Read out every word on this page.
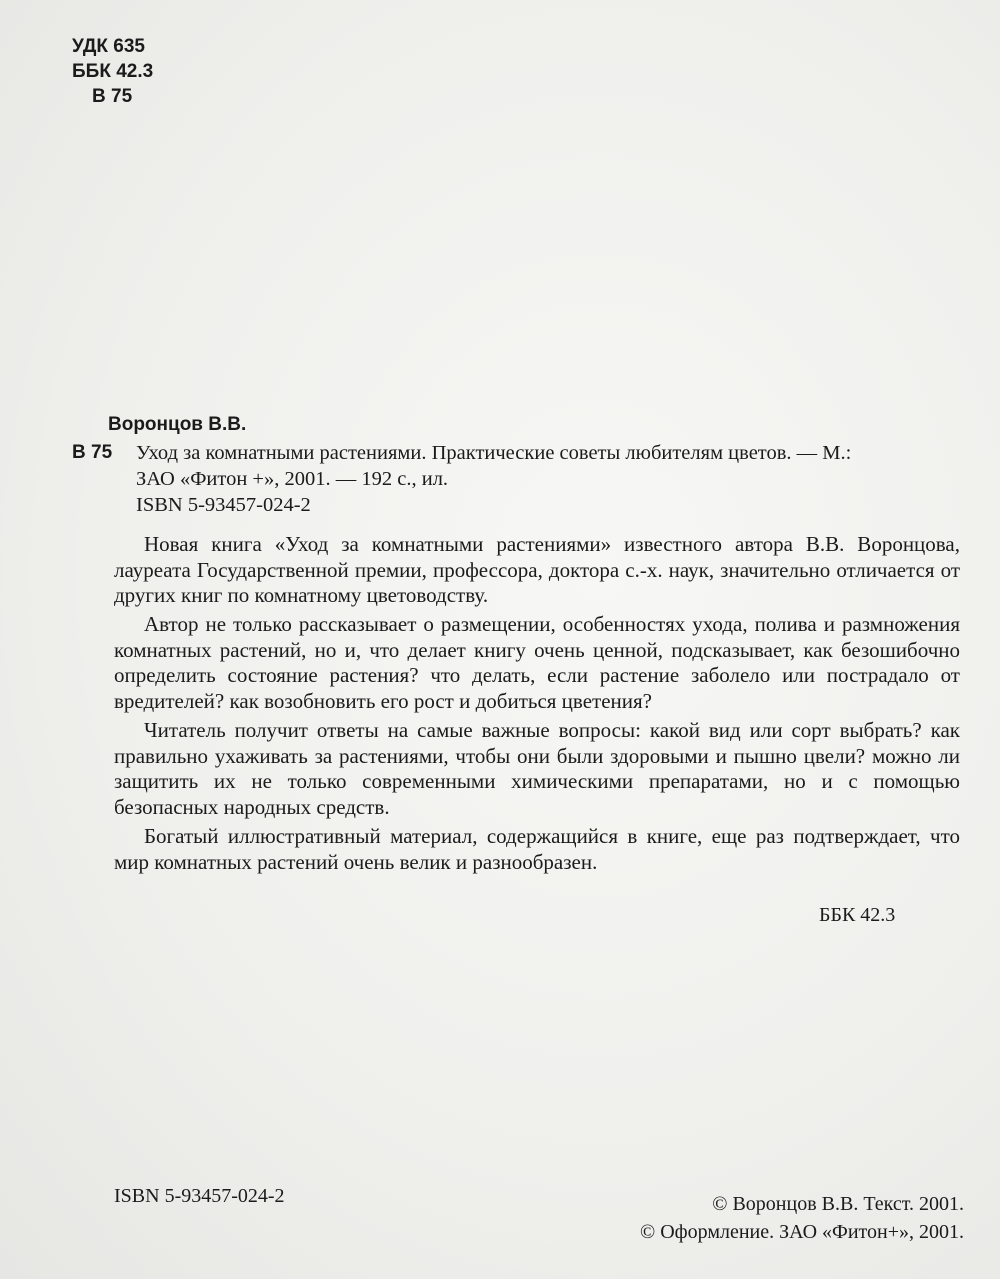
УДК 635
ББК 42.3
В 75
Воронцов В.В.
В 75 Уход за комнатными растениями. Практические советы любителям цветов. — М.:
ЗАО «Фитон +», 2001. — 192 с., ил.
ISBN 5-93457-024-2

Новая книга «Уход за комнатными растениями» известного автора В.В. Воронцова, лауреата Государственной премии, профессора, доктора с.-х. наук, значительно отличается от других книг по комнатному цветоводству.

Автор не только рассказывает о размещении, особенностях ухода, полива и размножения комнатных растений, но и, что делает книгу очень ценной, подсказывает, как безошибочно определить состояние растения? что делать, если растение заболело или пострадало от вредителей? как возобновить его рост и добиться цветения?

Читатель получит ответы на самые важные вопросы: какой вид или сорт выбрать? как правильно ухаживать за растениями, чтобы они были здоровыми и пышно цвели? можно ли защитить их не только современными химическими препаратами, но и с помощью безопасных народных средств.

Богатый иллюстративный материал, содержащийся в книге, еще раз подтверждает, что мир комнатных растений очень велик и разнообразен.

ББК 42.3
ISBN 5-93457-024-2	© Воронцов В.В. Текст. 2001.
© Оформление. ЗАО «Фитон+», 2001.
